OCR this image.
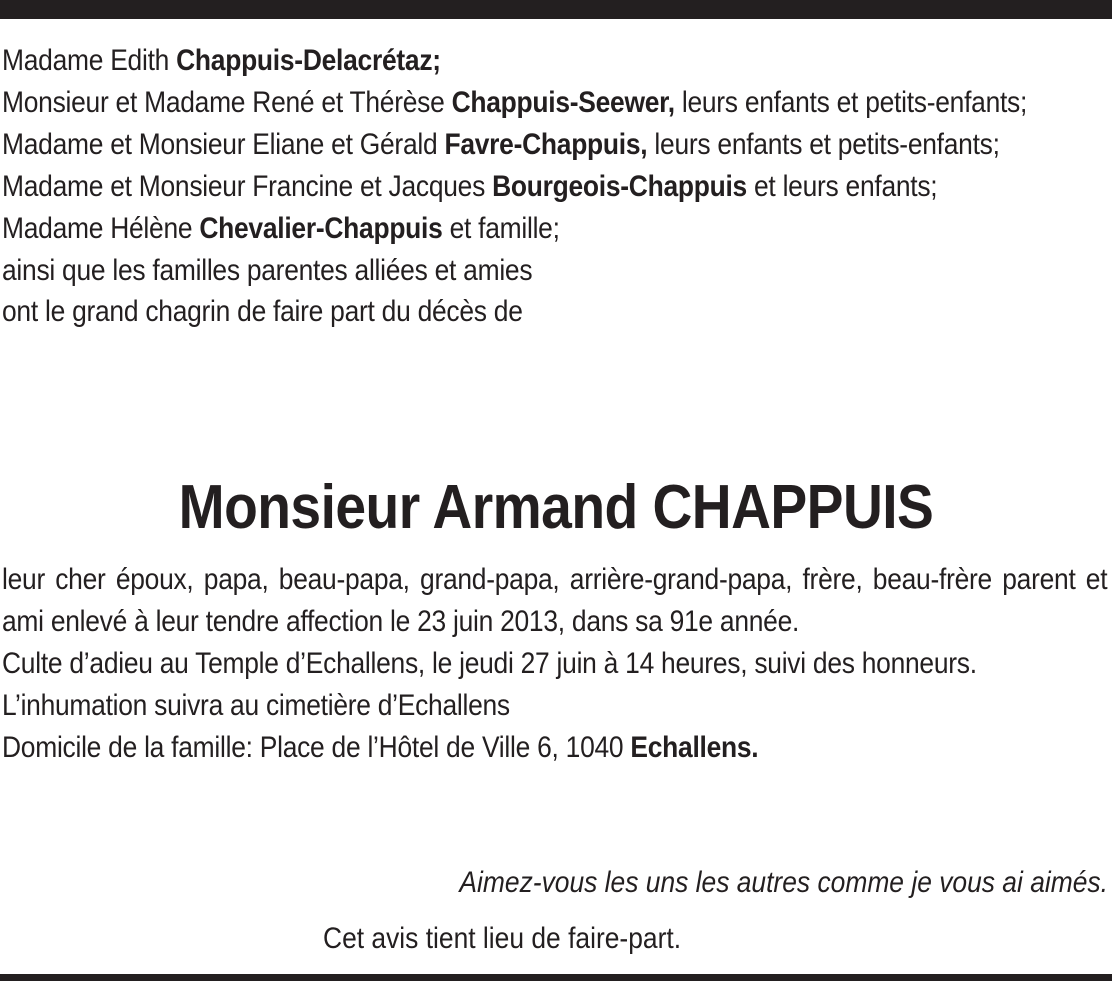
Madame Edith Chappuis-Delacrétaz;

Monsieur et Madame René et Thérèse Chappuis-Seewer, leurs enfants et petits-enfants;

Madame et Monsieur Eliane et Gérald Favre-Chappuis, leurs enfants et petits-enfants;

Madame et Monsieur Francine et Jacques Bourgeois-Chappuis et leurs enfants;

Madame Hélène Chevalier-Chappuis et famille;

ainsi que les familles parentes alliées et amies

ont le grand chagrin de faire part du décès de

Monsieur Armand CHAPPUIS

leur cher époux, papa, beau-papa, grand-papa, arrière-grand-papa, frère, beau-frère parent et ami enlevé à leur tendre affection le 23 juin 2013, dans sa 91e année.

Culte d’adieu au Temple d’Echallens, le jeudi 27 juin à 14 heures, suivi des honneurs.

L’inhumation suivra au cimetière d’Echallens

Domicile de la famille: Place de l’Hôtel de Ville 6, 1040 Echallens.

Aimez-vous les uns les autres comme je vous ai aimés.
Cet avis tient lieu de faire-part.
